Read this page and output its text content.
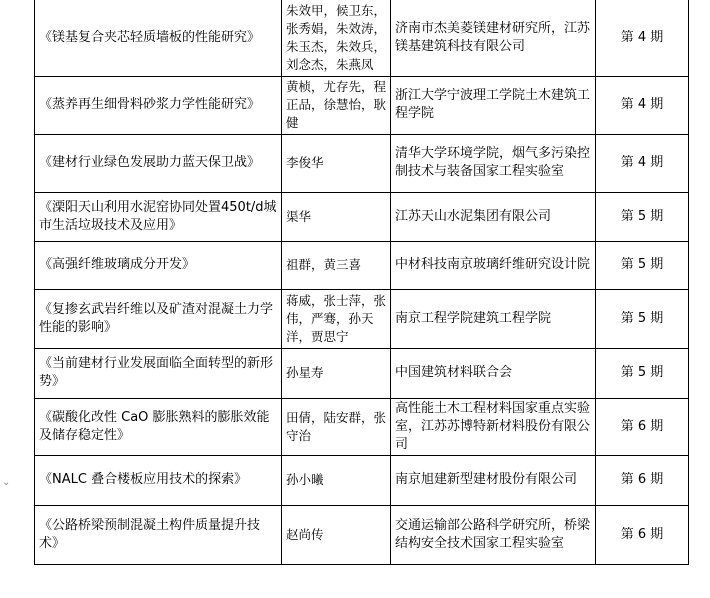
《镁基复合夹芯轻质墙板的性能研究》	朱效甲，候卫东，张秀娟，朱效涛，朱玉杰，朱效兵，刘念杰，朱燕凤	济南市杰美菱镁建材研究所，江苏镁基建筑科技有限公司	第 4 期
《蒸养再生细骨料砂浆力学性能研究》	黄桢，尤存先，程正品，徐慧怡，耿健	浙江大学宁波理工学院土木建筑工程学院	第 4 期
《建材行业绿色发展助力蓝天保卫战》	李俊华	清华大学环境学院，烟气多污染控制技术与装备国家工程实验室	第 4 期
《溧阳天山利用水泥窑协同处置450t/d城市生活垃圾技术及应用》	渠华	江苏天山水泥集团有限公司	第 5 期
《高强纤维玻璃成分开发》	祖群，黄三喜	中材科技南京玻璃纤维研究设计院	第 5 期
《复掺玄武岩纤维以及矿渣对混凝土力学性能的影响》	蒋威，张士萍，张伟，严骞，孙天洋，贾思宁	南京工程学院建筑工程学院	第 5 期
《当前建材行业发展面临全面转型的新形势》	孙星寿	中国建筑材料联合会	第 5 期
《碳酸化改性 CaO 膨胀熟料的膨胀效能及储存稳定性》	田倩，陆安群，张守治	高性能土木工程材料国家重点实验室，江苏苏博特新材料股份有限公司	第 6 期
《NALC 叠合楼板应用技术的探索》	孙小曦	南京旭建新型建材股份有限公司	第 6 期
《公路桥梁预制混凝土构件质量提升技术》	赵尚传	交通运输部公路科学研究所，桥梁结构安全技术国家工程实验室	第 6 期
⌄
